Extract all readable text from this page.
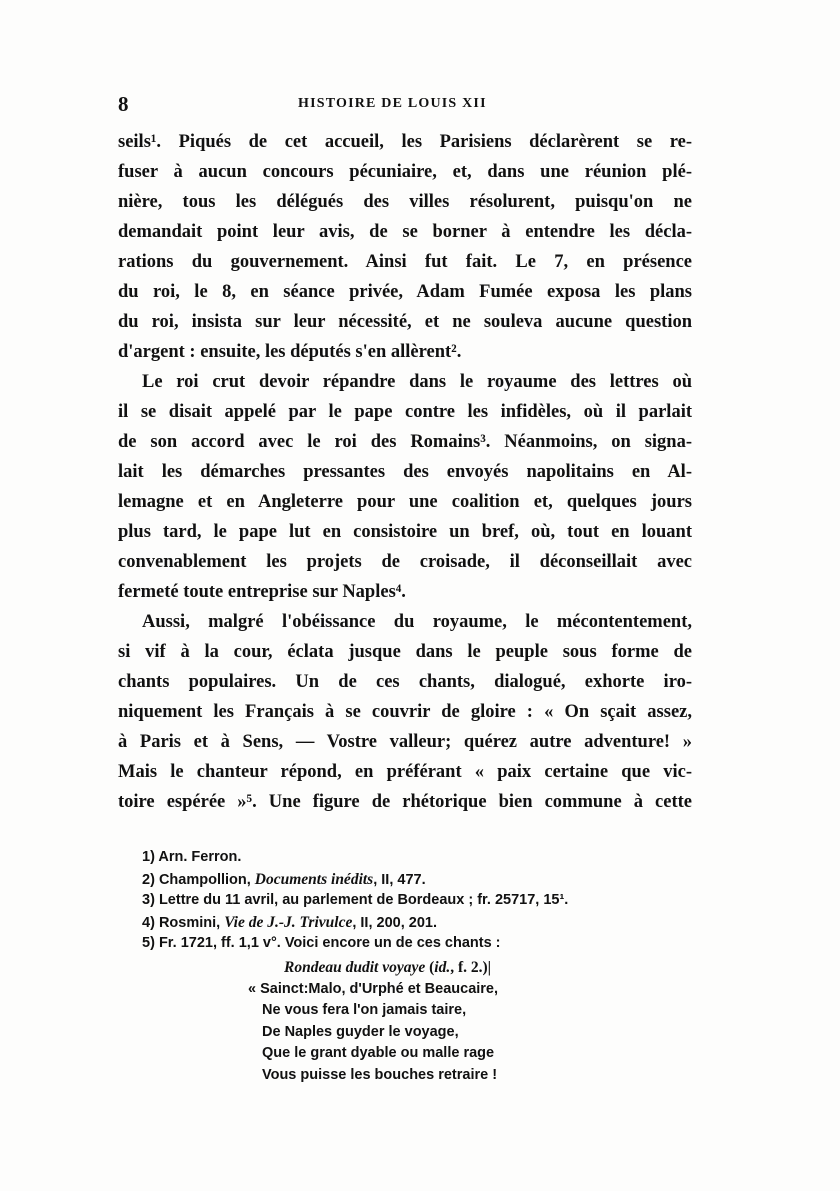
8	HISTOIRE DE LOUIS XII
seils¹. Piqués de cet accueil, les Parisiens déclarèrent se re-
fuser à aucun concours pécuniaire, et, dans une réunion plé-
nière, tous les délégués des villes résolurent, puisqu'on ne
demandait point leur avis, de se borner à entendre les décla-
rations du gouvernement. Ainsi fut fait. Le 7, en présence
du roi, le 8, en séance privée, Adam Fumée exposa les plans
du roi, insista sur leur nécessité, et ne souleva aucune question
d'argent : ensuite, les députés s'en allèrent².
Le roi crut devoir répandre dans le royaume des lettres où
il se disait appelé par le pape contre les infidèles, où il parlait
de son accord avec le roi des Romains³. Néanmoins, on signa-
lait les démarches pressantes des envoyés napolitains en Al-
lemagne et en Angleterre pour une coalition et, quelques jours
plus tard, le pape lut en consistoire un bref, où, tout en louant
convenablement les projets de croisade, il déconseillait avec
fermeté toute entreprise sur Naples⁴.
Aussi, malgré l'obéissance du royaume, le mécontentement,
si vif à la cour, éclata jusque dans le peuple sous forme de
chants populaires. Un de ces chants, dialogué, exhorte iro-
niquement les Français à se couvrir de gloire : « On sçait assez,
à Paris et à Sens, — Vostre valleur; quérez autre adventure! »
Mais le chanteur répond, en préférant « paix certaine que vic-
toire espérée »⁵. Une figure de rhétorique bien commune à cette
1) Arn. Ferron.
2) Champollion, Documents inédits, II, 477.
3) Lettre du 11 avril, au parlement de Bordeaux ; fr. 25717, 15¹.
4) Rosmini, Vie de J.-J. Trivulce, II, 200, 201.
5) Fr. 1721, ff. 1,1 v°. Voici encore un de ces chants :
Rondeau dudit voyaye (id., f. 2.)|
« Sainct:Malo, d'Urphé et Beaucaire,
Ne vous fera l'on jamais taire,
De Naples guyder le voyage,
Que le grant dyable ou malle rage
Vous puisse les bouches retraire !
